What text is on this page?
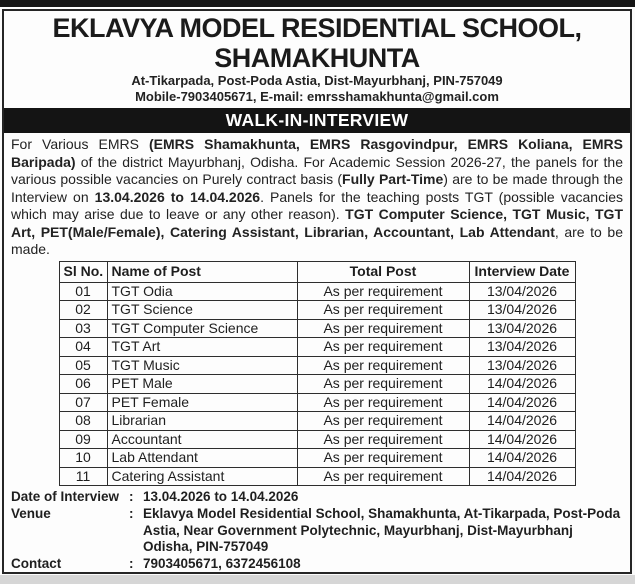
EKLAVYA MODEL RESIDENTIAL SCHOOL,
SHAMAKHUNTA
At-Tikarpada, Post-Poda Astia, Dist-Mayurbhanj, PIN-757049
Mobile-7903405671, E-mail: emrsshamakhunta@gmail.com
WALK-IN-INTERVIEW

For Various EMRS (EMRS Shamakhunta, EMRS Rasgovindpur, EMRS Koliana, EMRS Baripada) of the district Mayurbhanj, Odisha. For Academic Session 2026-27, the panels for the various possible vacancies on Purely contract basis (Fully Part-Time) are to be made through the Interview on 13.04.2026 to 14.04.2026. Panels for the teaching posts TGT (possible vacancies which may arise due to leave or any other reason). TGT Computer Science, TGT Music, TGT Art, PET(Male/Female), Catering Assistant, Librarian, Accountant, Lab Attendant, are to be made.

Sl No.	Name of Post	Total Post	Interview Date
01	TGT Odia	As per requirement	13/04/2026
02	TGT Science	As per requirement	13/04/2026
03	TGT Computer Science	As per requirement	13/04/2026
04	TGT Art	As per requirement	13/04/2026
05	TGT Music	As per requirement	13/04/2026
06	PET Male	As per requirement	14/04/2026
07	PET Female	As per requirement	14/04/2026
08	Librarian	As per requirement	14/04/2026
09	Accountant	As per requirement	14/04/2026
10	Lab Attendant	As per requirement	14/04/2026
11	Catering Assistant	As per requirement	14/04/2026
Date of Interview : 13.04.2026 to 14.04.2026
Venue	: Eklavya Model Residential School, Shamakhunta, At-Tikarpada, Post-Poda Astia, Near Government Polytechnic, Mayurbhanj, Dist-Mayurbhanj Odisha, PIN-757049
Contact	: 7903405671, 6372456108
